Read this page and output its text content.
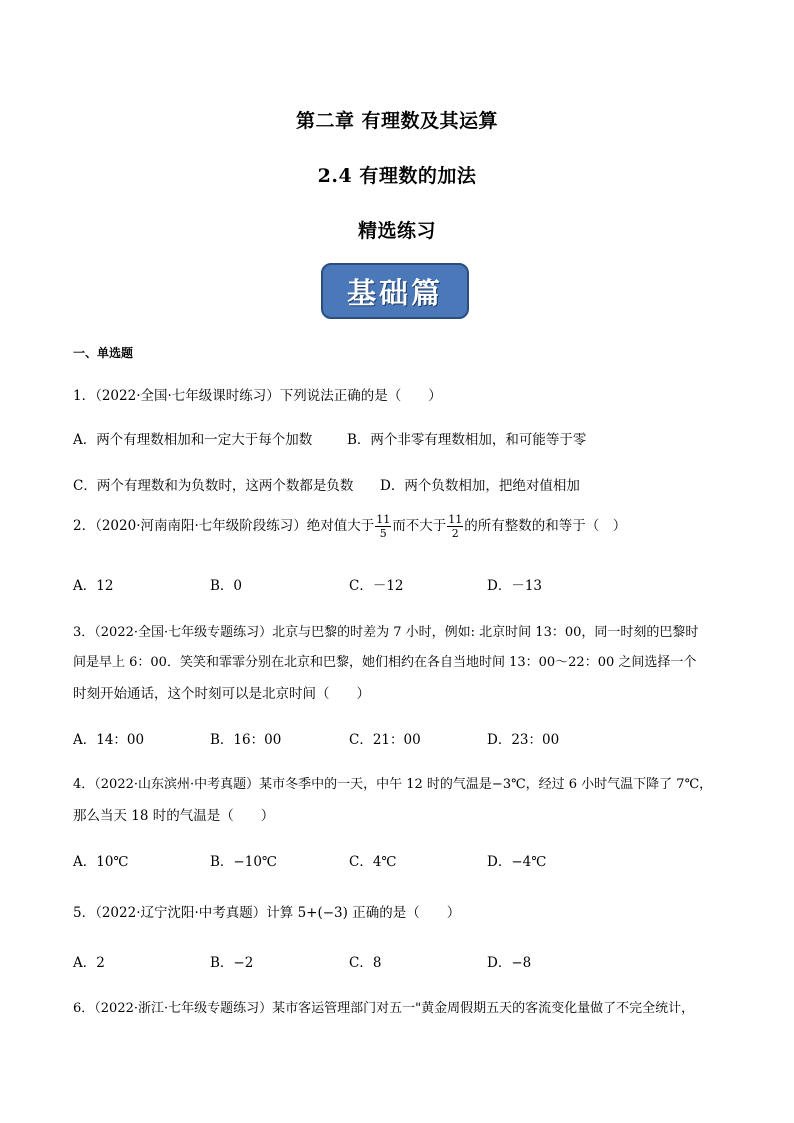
第二章 有理数及其运算
2.4 有理数的加法
精选练习
基础篇
一、单选题
1．（2022·全国·七年级课时练习）下列说法正确的是（　　）
A．两个有理数相加和一定大于每个加数	B．两个非零有理数相加，和可能等于零
C．两个有理数和为负数时，这两个数都是负数 D．两个负数相加，把绝对值相加
2．（2020·河南南阳·七年级阶段练习）绝对值大于 $\frac{11}{5}$ 而不大于 $\frac{11}{2}$ 的所有整数的和等于（　）
A．12	B．0	C．－12	D．－13
3．（2022·全国·七年级专题练习）北京与巴黎的时差为 7 小时，例如: 北京时间 13：00，同一时刻的巴黎时
间是早上 6：00．笑笑和霏霏分别在北京和巴黎，她们相约在各自当地时间 13：00～22：00 之间选择一个
时刻开始通话，这个时刻可以是北京时间（　　）
A．14：00	B．16：00	C．21：00	D．23：00
4．（2022·山东滨州·中考真题）某市冬季中的一天，中午 12 时的气温是−3℃，经过 6 小时气温下降了 7℃，
那么当天 18 时的气温是（　　）
A．10℃	B．−10℃	C．4℃	D．−4℃
5．（2022·辽宁沈阳·中考真题）计算 5+(−3) 正确的是（　　）
A．2	B．−2	C．8	D．−8
6．（2022·浙江·七年级专题练习）某市客运管理部门对五一"黄金周假期五天的客流变化量做了不完全统计，
